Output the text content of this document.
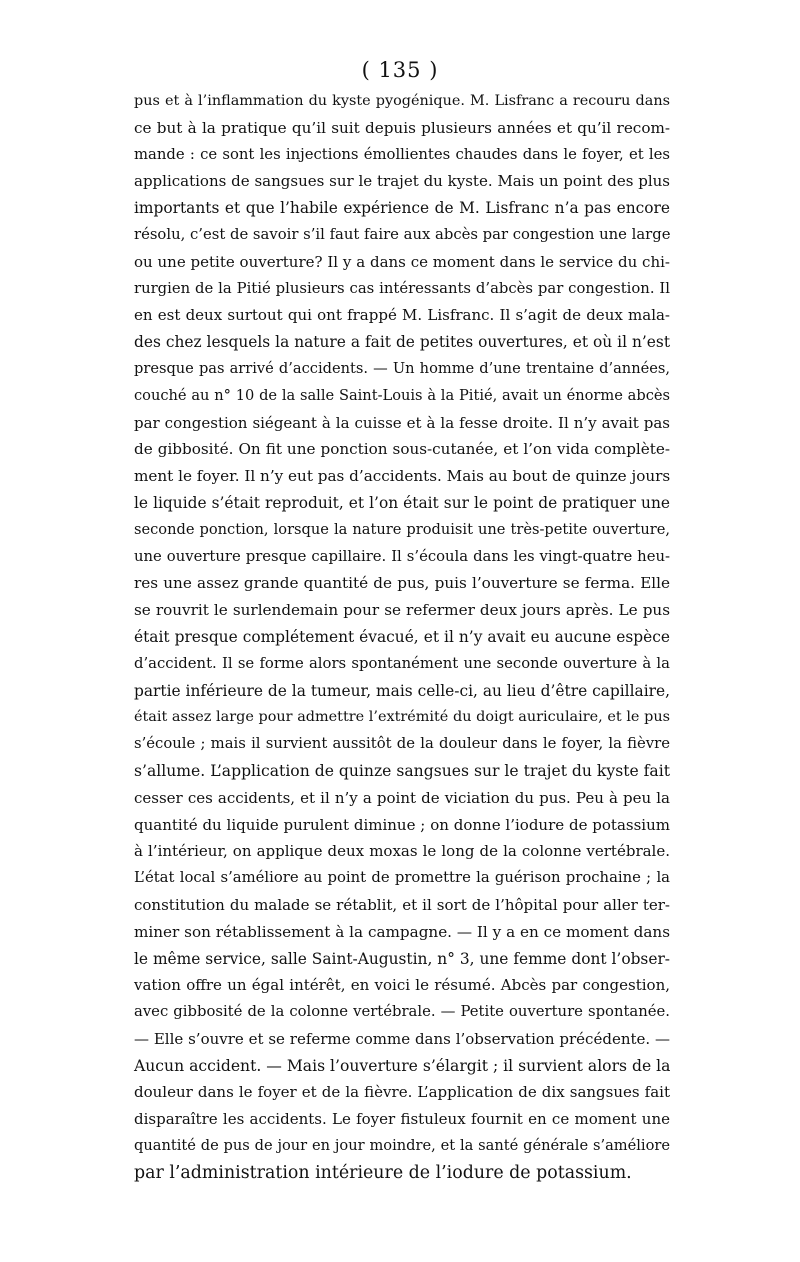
( 135 )
pus et à l’inflammation du kyste pyogénique. M. Lisfranc a recouru dans
ce but à la pratique qu’il suit depuis plusieurs années et qu’il recom-
mande : ce sont les injections émollientes chaudes dans le foyer, et les
applications de sangsues sur le trajet du kyste. Mais un point des plus
importants et que l’habile expérience de M. Lisfranc n’a pas encore
résolu, c’est de savoir s’il faut faire aux abcès par congestion une large
ou une petite ouverture? Il y a dans ce moment dans le service du chi-
rurgien de la Pitié plusieurs cas intéressants d’abcès par congestion. Il
en est deux surtout qui ont frappé M. Lisfranc. Il s’agit de deux mala-
des chez lesquels la nature a fait de petites ouvertures, et où il n’est
presque pas arrivé d’accidents. — Un homme d’une trentaine d’années,
couché au n° 10 de la salle Saint-Louis à la Pitié, avait un énorme abcès
par congestion siégeant à la cuisse et à la fesse droite. Il n’y avait pas
de gibbosité. On fit une ponction sous-cutanée, et l’on vida complète-
ment le foyer. Il n’y eut pas d’accidents. Mais au bout de quinze jours
le liquide s’était reproduit, et l’on était sur le point de pratiquer une
seconde ponction, lorsque la nature produisit une très-petite ouverture,
une ouverture presque capillaire. Il s’écoula dans les vingt-quatre heu-
res une assez grande quantité de pus, puis l’ouverture se ferma. Elle
se rouvrit le surlendemain pour se refermer deux jours après. Le pus
était presque complétement évacué, et il n’y avait eu aucune espèce
d’accident. Il se forme alors spontanément une seconde ouverture à la
partie inférieure de la tumeur, mais celle-ci, au lieu d’être capillaire,
était assez large pour admettre l’extrémité du doigt auriculaire, et le pus
s’écoule ; mais il survient aussitôt de la douleur dans le foyer, la fièvre
s’allume. L’application de quinze sangsues sur le trajet du kyste fait
cesser ces accidents, et il n’y a point de viciation du pus. Peu à peu la
quantité du liquide purulent diminue ; on donne l’iodure de potassium
à l’intérieur, on applique deux moxas le long de la colonne vertébrale.
L’état local s’améliore au point de promettre la guérison prochaine ; la
constitution du malade se rétablit, et il sort de l’hôpital pour aller ter-
miner son rétablissement à la campagne. — Il y a en ce moment dans
le même service, salle Saint-Augustin, n° 3, une femme dont l’obser-
vation offre un égal intérêt, en voici le résumé. Abcès par congestion,
avec gibbosité de la colonne vertébrale. — Petite ouverture spontanée.
— Elle s’ouvre et se referme comme dans l’observation précédente. —
Aucun accident. — Mais l’ouverture s’élargit ; il survient alors de la
douleur dans le foyer et de la fièvre. L’application de dix sangsues fait
disparaître les accidents. Le foyer fistuleux fournit en ce moment une
quantité de pus de jour en jour moindre, et la santé générale s’améliore
par l’administration intérieure de l’iodure de potassium.
